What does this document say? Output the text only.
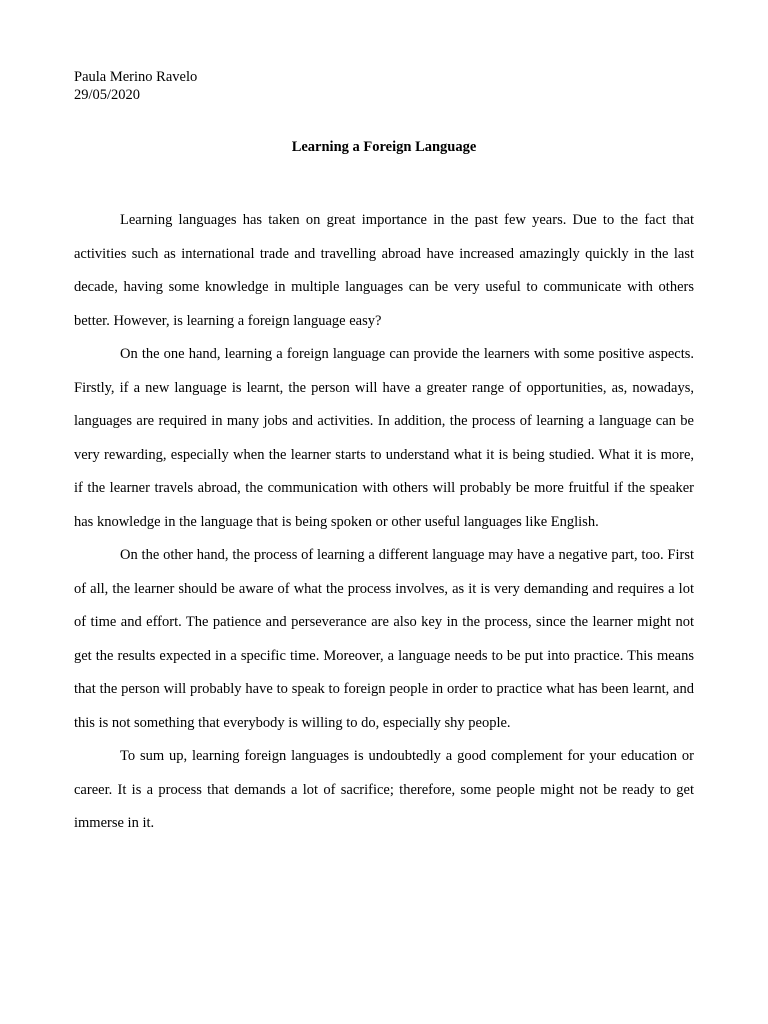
Paula Merino Ravelo

29/05/2020

Learning a Foreign Language

Learning languages has taken on great importance in the past few years. Due to the fact that activities such as international trade and travelling abroad have increased amazingly quickly in the last decade, having some knowledge in multiple languages can be very useful to communicate with others better. However, is learning a foreign language easy?

On the one hand, learning a foreign language can provide the learners with some positive aspects. Firstly, if a new language is learnt, the person will have a greater range of opportunities, as, nowadays, languages are required in many jobs and activities. In addition, the process of learning a language can be very rewarding, especially when the learner starts to understand what it is being studied. What it is more, if the learner travels abroad, the communication with others will probably be more fruitful if the speaker has knowledge in the language that is being spoken or other useful languages like English.

On the other hand, the process of learning a different language may have a negative part, too. First of all, the learner should be aware of what the process involves, as it is very demanding and requires a lot of time and effort. The patience and perseverance are also key in the process, since the learner might not get the results expected in a specific time. Moreover, a language needs to be put into practice. This means that the person will probably have to speak to foreign people in order to practice what has been learnt, and this is not something that everybody is willing to do, especially shy people.

To sum up, learning foreign languages is undoubtedly a good complement for your education or career. It is a process that demands a lot of sacrifice; therefore, some people might not be ready to get immerse in it.
